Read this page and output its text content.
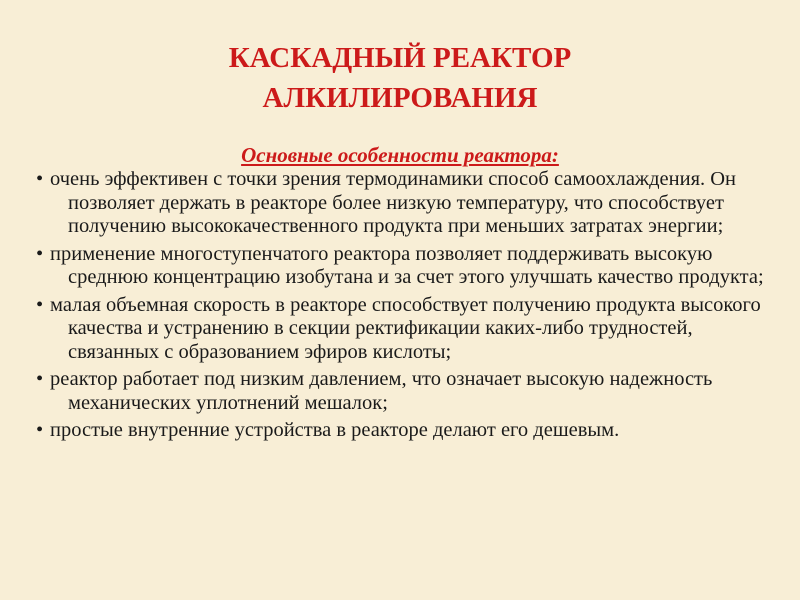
КАСКАДНЫЙ РЕАКТОР
АЛКИЛИРОВАНИЯ

Основные особенности реактора:

• очень эффективен с точки зрения термодинамики способ самоохлаждения. Он позволяет держать в реакторе более низкую температуру, что способствует получению высококачественного продукта при меньших затратах энергии;
• применение многоступенчатого реактора позволяет поддерживать высокую среднюю концентрацию изобутана и за счет этого улучшать качество продукта;
• малая объемная скорость в реакторе способствует получению продукта высокого качества и устранению в секции ректификации каких-либо трудностей, связанных с образованием эфиров кислоты;
• реактор работает под низким давлением, что означает высокую надежность механических уплотнений мешалок;
• простые внутренние устройства в реакторе делают его дешевым.
